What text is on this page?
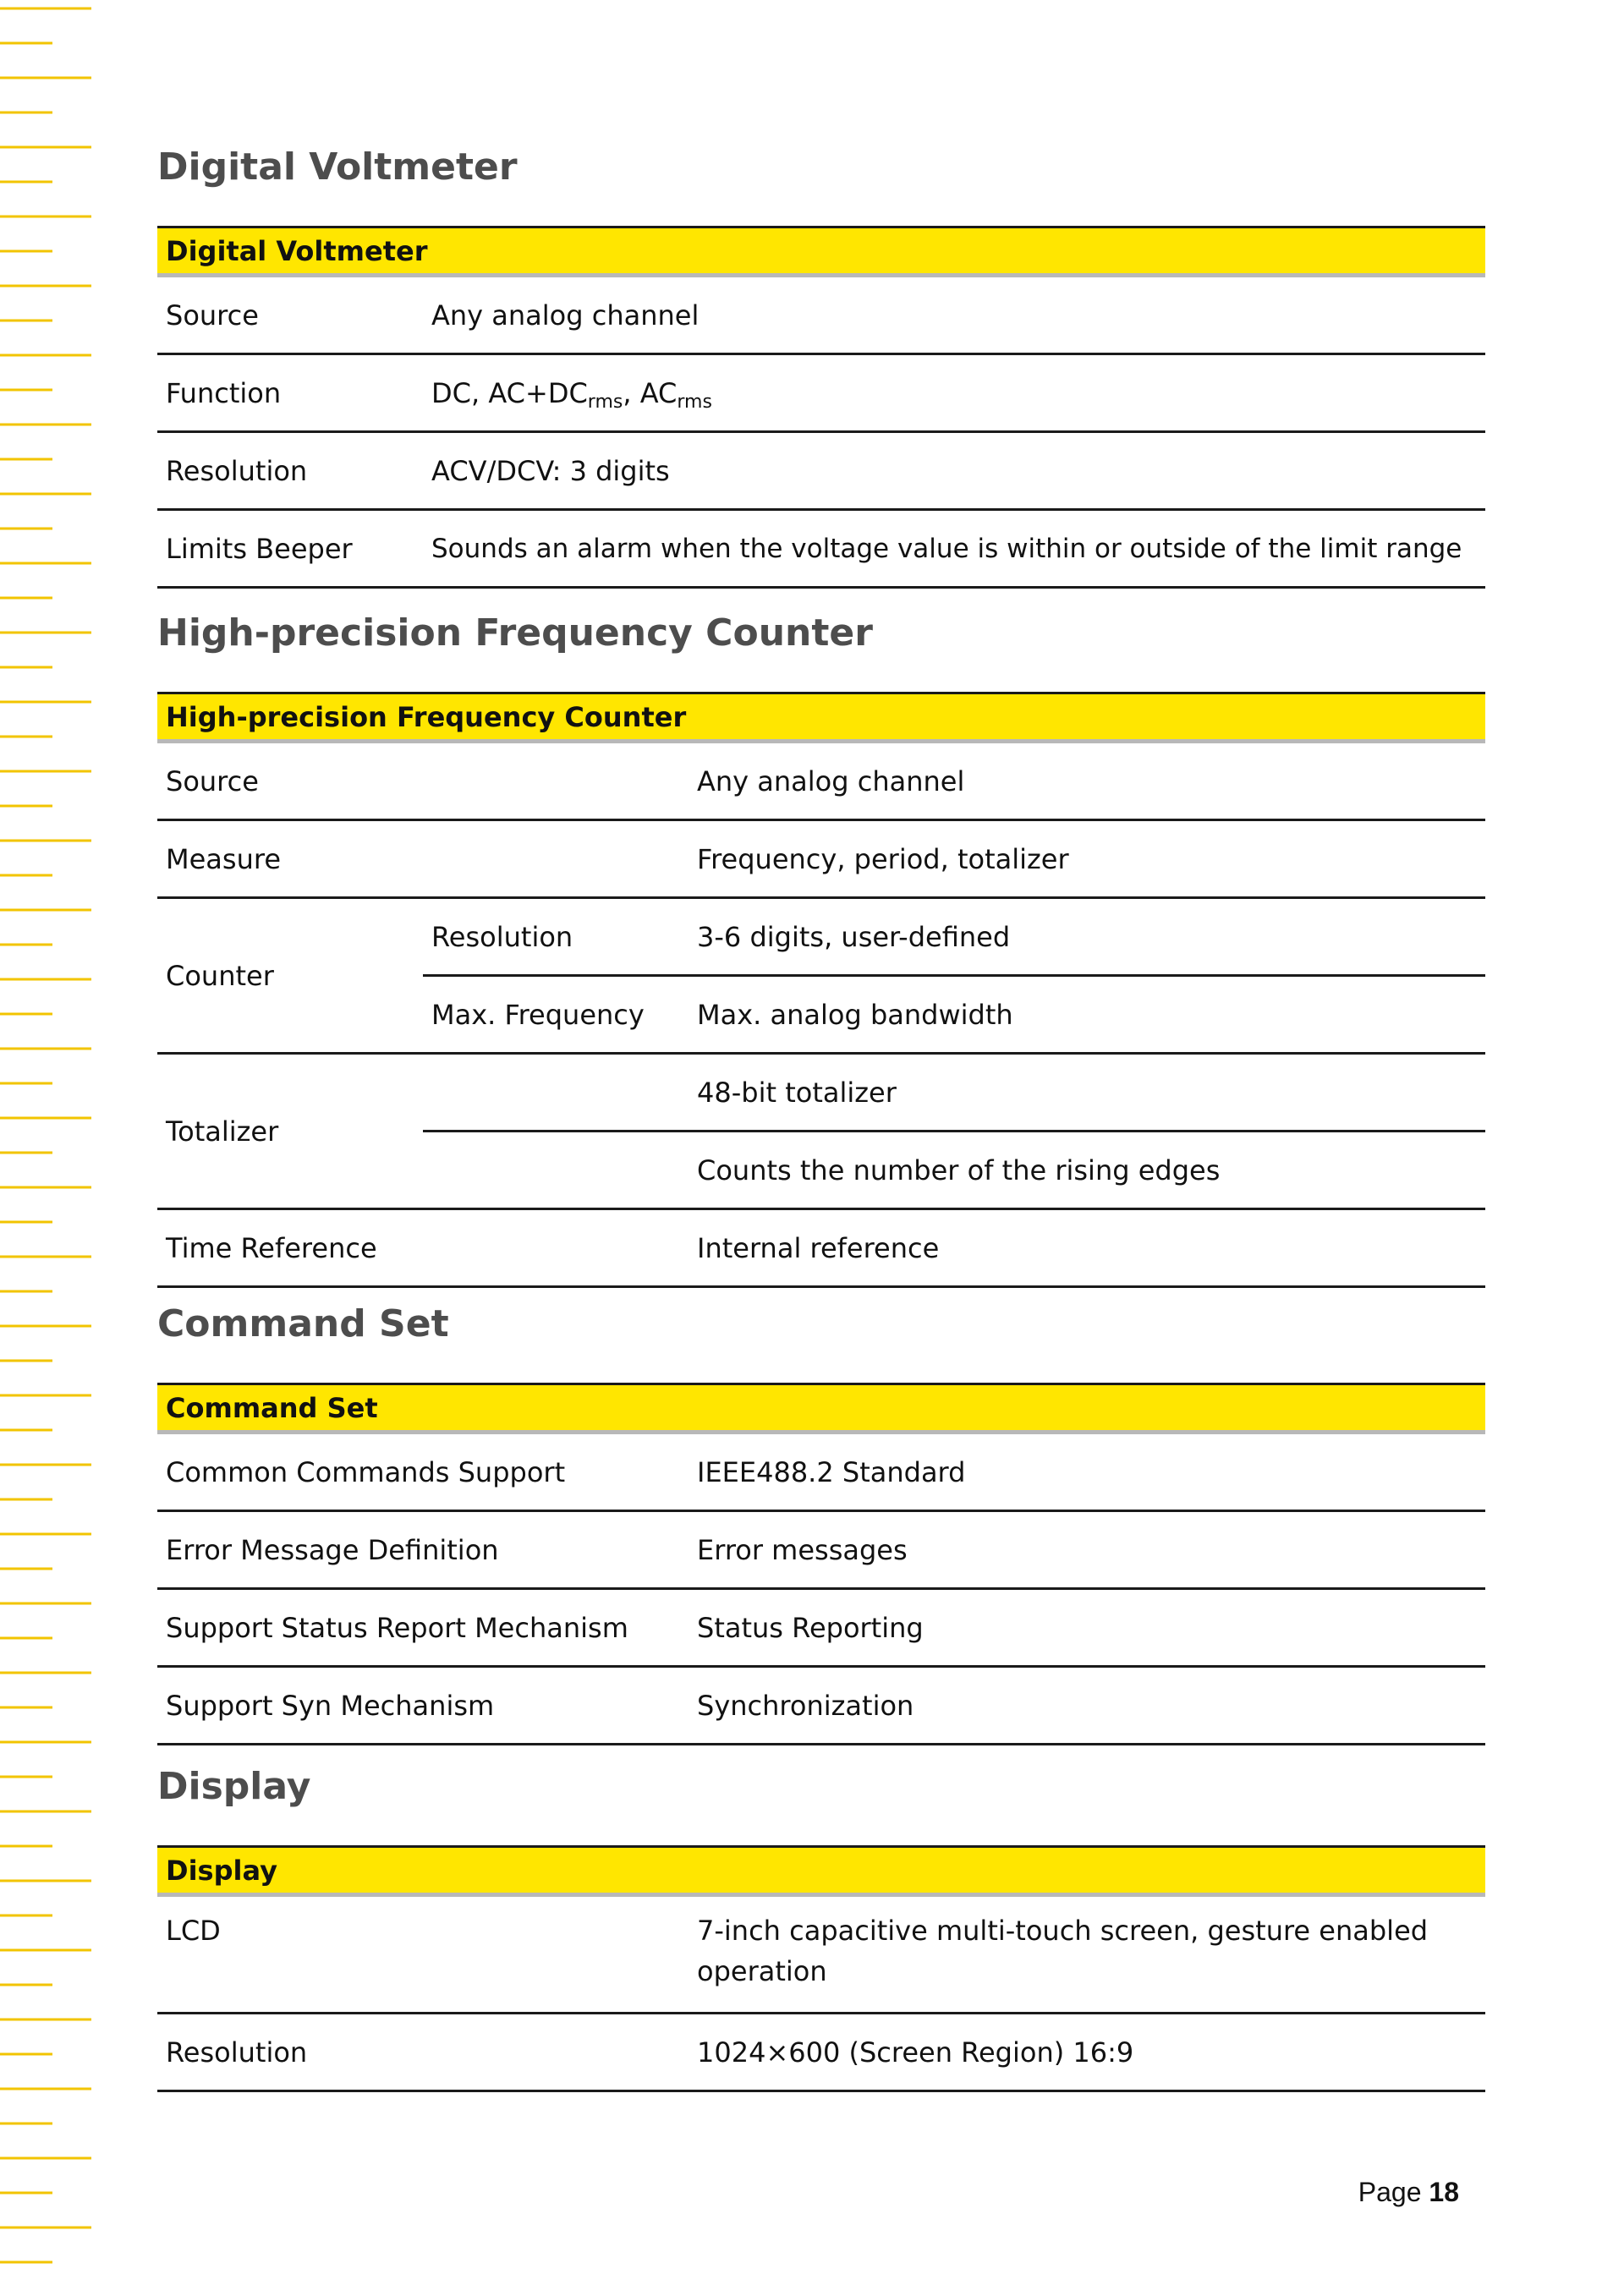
Digital Voltmeter
Digital Voltmeter	
Source	Any analog channel
Function	DC, $AC+DC_{rms}$, $AC_{rms}$
Resolution	ACV/DCV: 3 digits
Limits Beeper	Sounds an alarm when the voltage value is within or outside of the limit range
High-precision Frequency Counter
High-precision Frequency Counter		
Source		Any analog channel
Measure		Frequency, period, totalizer
Counter	Resolution	3-6 digits, user-defined
	Max. Frequency	Max. analog bandwidth
Totalizer		48-bit totalizer
		Counts the number of the rising edges
Time Reference		Internal reference
Command Set
Command Set	
Common Commands Support	IEEE488.2 Standard
Error Message Definition	Error messages
Support Status Report Mechanism	Status Reporting
Support Syn Mechanism	Synchronization
Display
Display	
LCD	7-inch capacitive multi-touch screen, gesture enabled operation
Resolution	1024×600 (Screen Region) 16:9
Page 18
